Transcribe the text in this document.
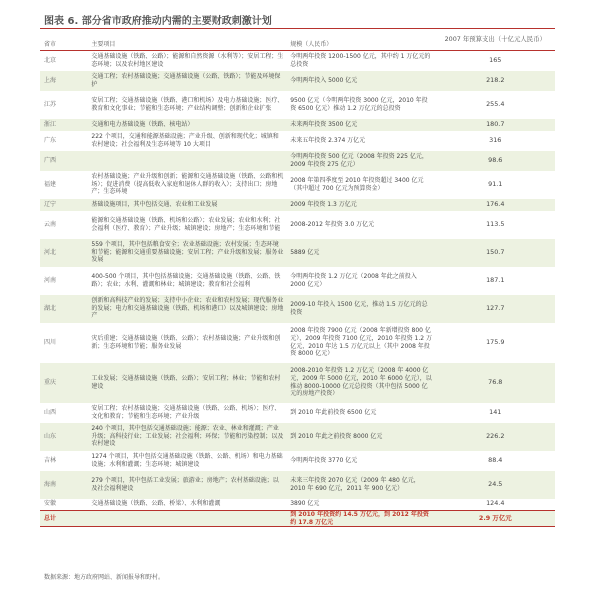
图表 6. 部分省市政府推动内需的主要财政刺激计划
省市	主要项目	规模（人民币）	2007 年预算支出（十亿元人民币）
北京	交通基础设施（铁路、公路）；能源和自然资源（水利等）；安居工程；生态环境；以及农村地区建设	今明两年投资 1200-1500 亿元，其中约 1 万亿元的总投资	165
上海	交通工程；农村基础设施；交通基础设施（公路、铁路）；节能及环境保护	今明两年投入 5000 亿元	218.2
江苏	安居工程；交通基础设施（铁路、港口和机场）及电力基础设施；医疗、教育和文化事业；节能和生态环境；产业结构调整；创新和企业扩张	9500 亿元（今明两年投资 3000 亿元，2010 年投资 6500 亿元）推动 1.2 万亿元的总投资	255.4
浙江	交通和电力基础设施（铁路、核电站）	未来两年投资 3500 亿元	180.7
广东	222 个项目，交通和能源基础设施；产业升级、创新和现代化；城镇和农村建设；社会福利及生态环境等 10 大项目	未来五年投资 2.374 万亿元	316
广西		今明两年投资 500 亿元（2008 年投资 225 亿元，2009 年投资 275 亿元）	98.6
福建	农村基础设施；产业升级和创新；能源和交通基础设施（铁路、公路和机场）；促进消费（提高低收入家庭和退休人群的收入）；支持出口；房地产；生态环境	2008 年第四季度至 2010 年投资超过 3400 亿元（其中超过 700 亿元为预算资金）	91.1
辽宁	基础设施项目，其中包括交通、农业和工业发展	2009 年投资 1.3 万亿元	176.4
云南	能源和交通基础设施（铁路、机场和公路）；农业发展；农业和水利；社会福利（医疗、教育）；产业升级；城镇建设；房地产；生态环境和节能	2008-2012 年投资 3.0 万亿元	113.5
河北	559 个项目，其中包括粮食安全；农业基础设施；农村发展；生态环境和节能；能源和交通重要基础设施；安居工程；产业升级和发展；服务业发展	5889 亿元	150.7
河南	400-500 个项目，其中包括基础设施；交通基础设施（铁路、公路、铁路）；农业；水利、灌溉和林业；城镇建设；教育和社会福利	今明两年投资 1.2 万亿元（2008 年此之前投入 2000 亿元）	187.1
湖北	创新和高科技产业的发展；支持中小企业；农业和农村发展；现代服务业的发展；电力和交通基础设施（铁路、机场和港口）以及城镇建设；房地产	2009-10 年投入 1500 亿元，推动 1.5 万亿元的总投资	127.7
四川	灾后重建；交通基础设施（铁路、公路）；农村基础设施；产业升级和创新；生态环境和节能；服务业发展	2008 年投资 7900 亿元（2008 年新增投资 800 亿元），2009 年投资 7100 亿元，2010 年投资 1.2 万亿元，2010 年达 1.5 万亿元以上（其中 2008 年投资 8000 亿元）	175.9
重庆	工业发展；交通基础设施（铁路、公路）；安居工程；林业；节能和农村建设	2008-2010 年投资 1.2 万亿元（2008 年 4000 亿元，2009 年 5000 亿元，2010 年 6000 亿元），以推动 8000-10000 亿元总投资（其中包括 5000 亿元的房地产投资）	76.8
山西	安居工程；农村基础设施；交通基础设施（铁路、公路、机场）；医疗、文化和教育；节能和生态环境；产业升级	到 2010 年此前投资 6500 亿元	141
山东	240 个项目，其中包括交通基础设施；能源；农业、林业和灌溉；产业升级；高科技行业；工业发展；社会福利；环保；节能和污染控制；以及农村建设	到 2010 年此之前投资 8000 亿元	226.2
吉林	1274 个项目，其中包括交通基础设施（铁路、公路、机场）和电力基础设施；水利和灌溉；生态环境；城镇建设	今明两年投资 3770 亿元	88.4
海南	279 个项目，其中包括工业发展；旅游业；房地产；农村基础设施；以及社会福利建设	未来三年投资 2070 亿元（2009 年 480 亿元，2010 年 690 亿元，2011 年 900 亿元）	24.5
安徽	交通基础设施（铁路、公路、桥梁）、水利和灌溉	3890 亿元	124.4
总计		到 2010 年投资约 14.5 万亿元，到 2012 年投资约 17.8 万亿元	2.9 万亿元
数据来源：地方政府网站、新闻报导和野村。
